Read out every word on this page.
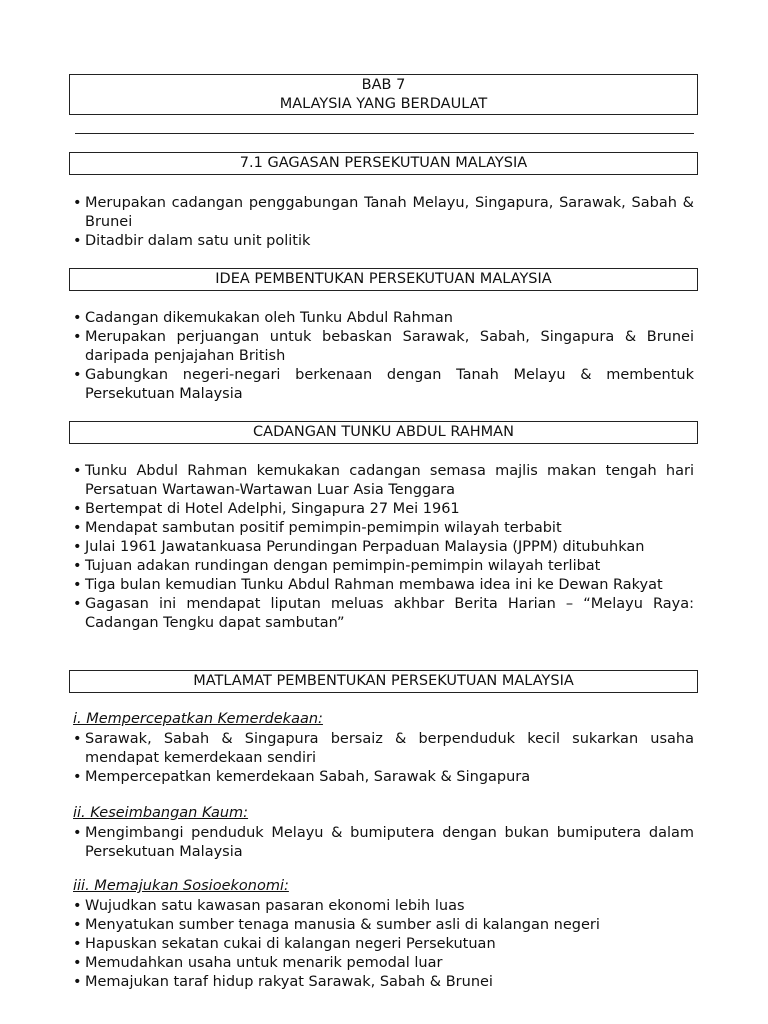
BAB 7
MALAYSIA YANG BERDAULAT
7.1 GAGASAN PERSEKUTUAN MALAYSIA
• Merupakan cadangan penggabungan Tanah Melayu, Singapura, Sarawak, Sabah & Brunei
• Ditadbir dalam satu unit politik
IDEA PEMBENTUKAN PERSEKUTUAN MALAYSIA
• Cadangan dikemukakan oleh Tunku Abdul Rahman
• Merupakan perjuangan untuk bebaskan Sarawak, Sabah, Singapura & Brunei daripada penjajahan British
• Gabungkan negeri-negari berkenaan dengan Tanah Melayu & membentuk Persekutuan Malaysia
CADANGAN TUNKU ABDUL RAHMAN
• Tunku Abdul Rahman kemukakan cadangan semasa majlis makan tengah hari Persatuan Wartawan-Wartawan Luar Asia Tenggara
• Bertempat di Hotel Adelphi, Singapura 27 Mei 1961
• Mendapat sambutan positif pemimpin-pemimpin wilayah terbabit
• Julai 1961 Jawatankuasa Perundingan Perpaduan Malaysia (JPPM) ditubuhkan
• Tujuan adakan rundingan dengan pemimpin-pemimpin wilayah terlibat
• Tiga bulan kemudian Tunku Abdul Rahman membawa idea ini ke Dewan Rakyat
• Gagasan ini mendapat liputan meluas akhbar Berita Harian – “Melayu Raya: Cadangan Tengku dapat sambutan”
MATLAMAT PEMBENTUKAN PERSEKUTUAN MALAYSIA
i. Mempercepatkan Kemerdekaan:
• Sarawak, Sabah & Singapura bersaiz & berpenduduk kecil sukarkan usaha mendapat kemerdekaan sendiri
• Mempercepatkan kemerdekaan Sabah, Sarawak & Singapura
ii. Keseimbangan Kaum:
• Mengimbangi penduduk Melayu & bumiputera dengan bukan bumiputera dalam Persekutuan Malaysia
iii. Memajukan Sosioekonomi:
• Wujudkan satu kawasan pasaran ekonomi lebih luas
• Menyatukan sumber tenaga manusia & sumber asli di kalangan negeri
• Hapuskan sekatan cukai di kalangan negeri Persekutuan
• Memudahkan usaha untuk menarik pemodal luar
• Memajukan taraf hidup rakyat Sarawak, Sabah & Brunei
